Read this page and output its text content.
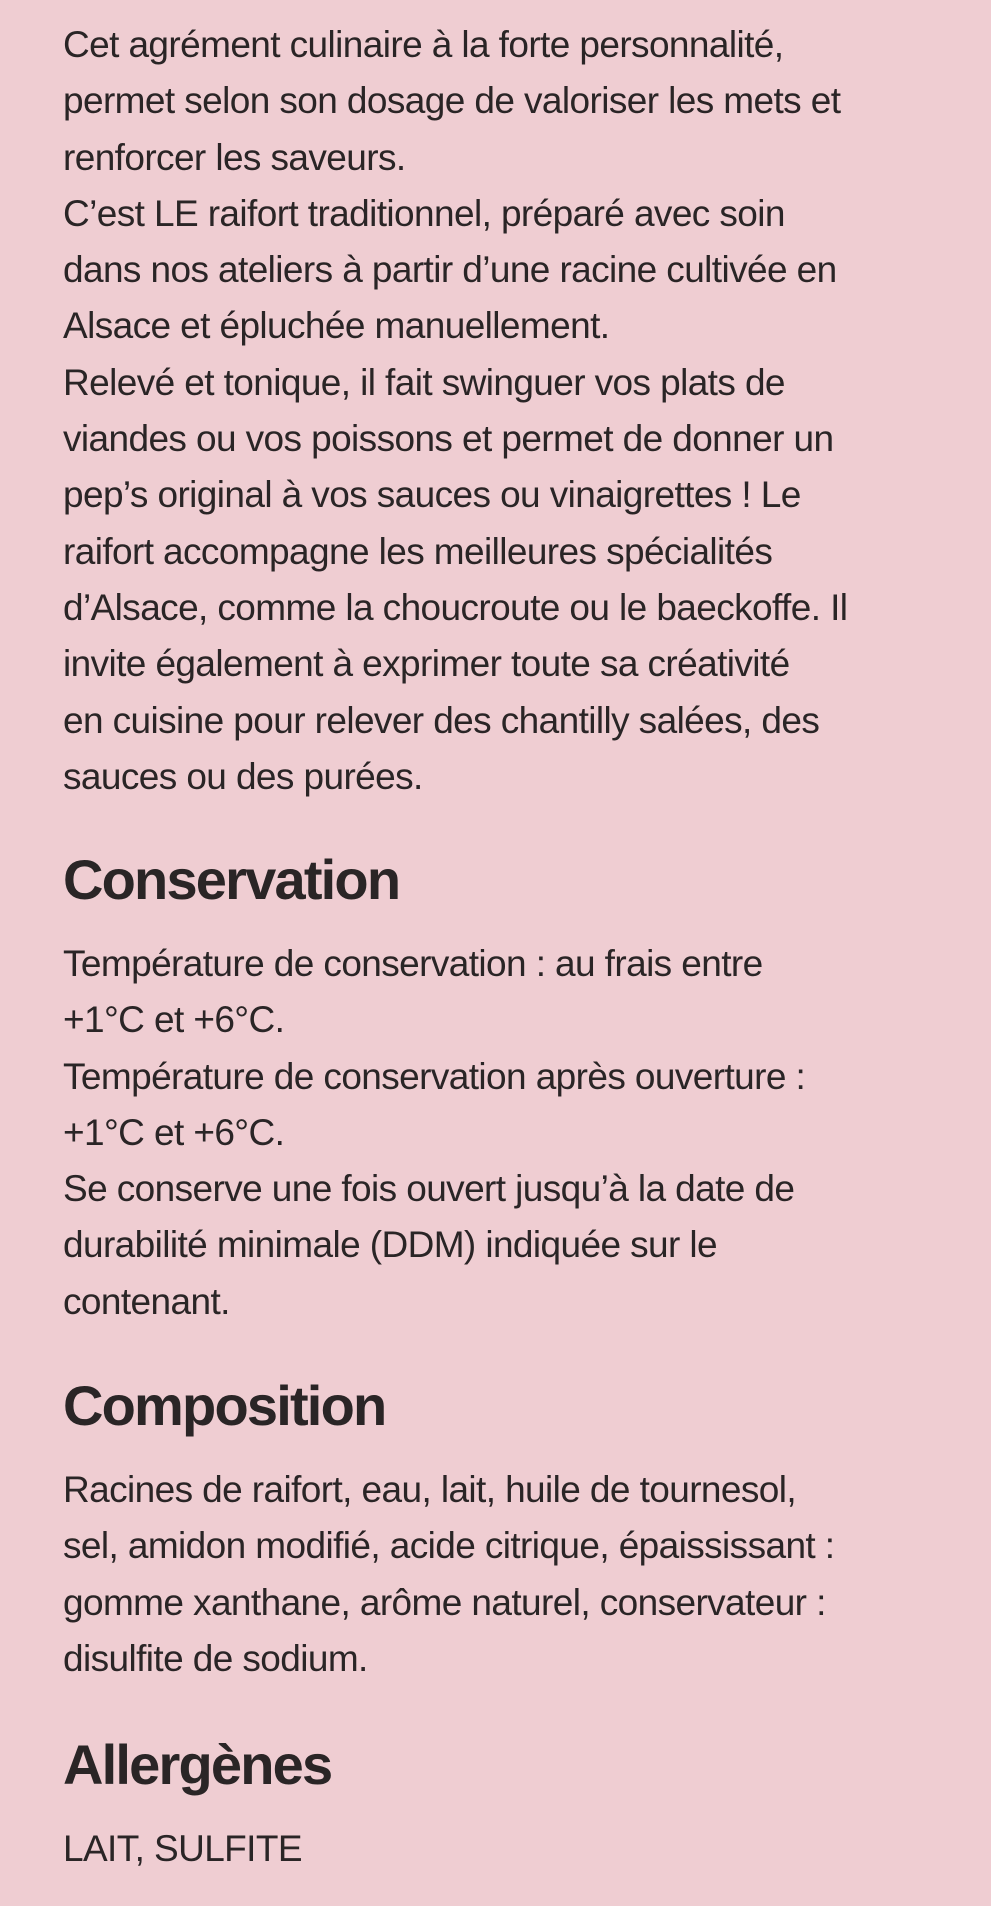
Cet agrément culinaire à la forte personnalité,
permet selon son dosage de valoriser les mets et
renforcer les saveurs.

C’est LE raifort traditionnel, préparé avec soin
dans nos ateliers à partir d’une racine cultivée en
Alsace et épluchée manuellement.

Relevé et tonique, il fait swinguer vos plats de
viandes ou vos poissons et permet de donner un
pep’s original à vos sauces ou vinaigrettes ! Le
raifort accompagne les meilleures spécialités
d’Alsace, comme la choucroute ou le baeckoffe. Il
invite également à exprimer toute sa créativité
en cuisine pour relever des chantilly salées, des
sauces ou des purées.

Conservation

Température de conservation : au frais entre
+1°C et +6°C.

Température de conservation après ouverture :
+1°C et +6°C.

Se conserve une fois ouvert jusqu’à la date de
durabilité minimale (DDM) indiquée sur le
contenant.

Composition

Racines de raifort, eau, lait, huile de tournesol,
sel, amidon modifié, acide citrique, épaississant :
gomme xanthane, arôme naturel, conservateur :
disulfite de sodium.

Allergènes

LAIT, SULFITE
